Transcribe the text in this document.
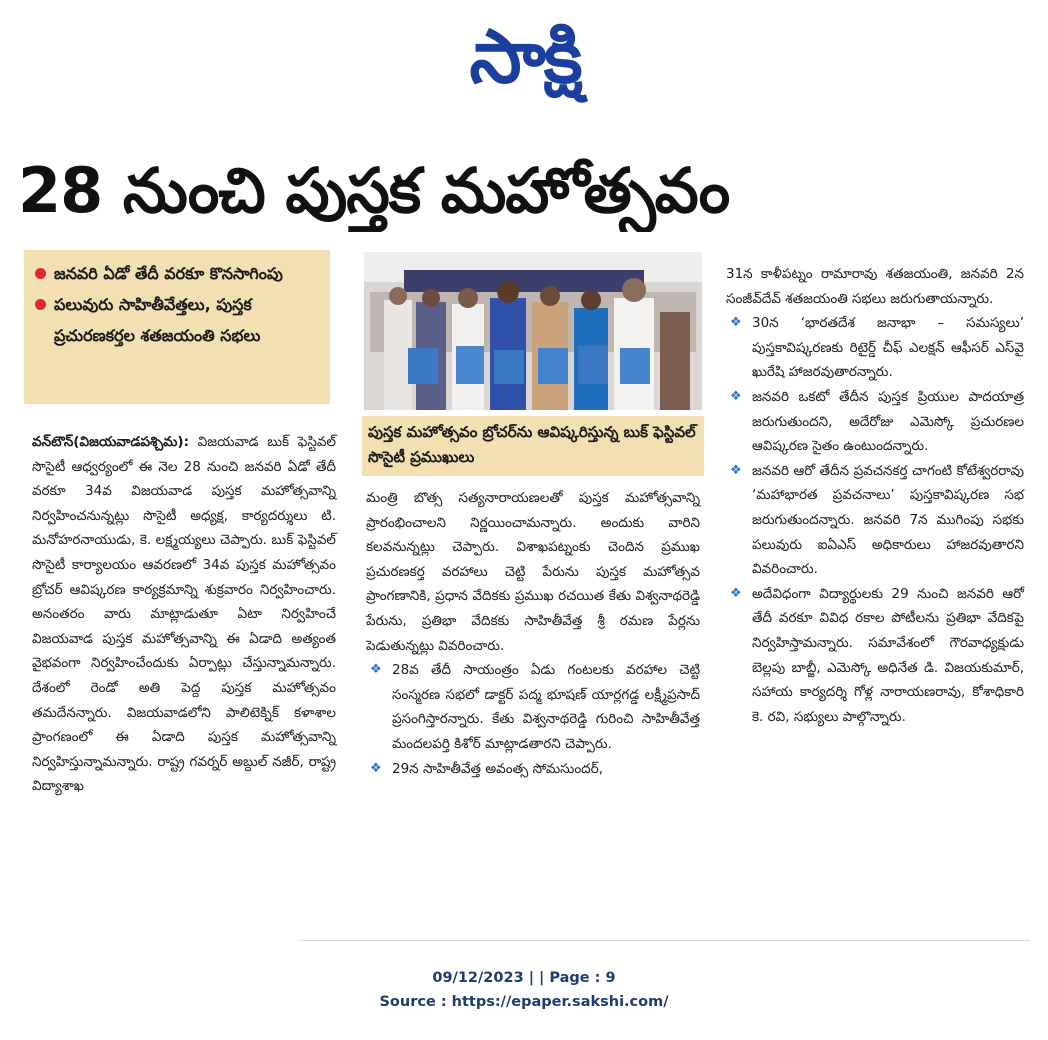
సాక్షి
28 నుంచి పుస్తక మహోత్సవం
జనవరి ఏడో తేదీ వరకూ కొనసాగింపు
పలువురు సాహితీవేత్తలు, పుస్తక ప్రచురణకర్తల శతజయంతి సభలు
పుస్తక మహోత్సవం బ్రోచర్‌ను ఆవిష్కరిస్తున్న బుక్‌ ఫెస్టివల్‌ సొసైటీ ప్రముఖులు

వన్‌టౌన్‌(విజయవాడపశ్చిమ): విజయవాడ బుక్‌ ఫెస్టివల్‌ సొసైటీ ఆధ్వర్యంలో ఈ నెల 28 నుంచి జనవరి ఏడో తేదీ వరకూ 34వ విజయవాడ పుస్తక మహోత్సవాన్ని నిర్వహించనున్నట్లు సొసైటీ అధ్యక్ష, కార్యదర్శులు టి. మనోహరనాయుడు, కె. లక్ష్మయ్యలు చెప్పారు. బుక్‌ ఫెస్టివల్‌ సొసైటీ కార్యాలయం ఆవరణలో 34వ పుస్తక మహోత్సవం బ్రోచర్‌ ఆవిష్కరణ కార్యక్రమాన్ని శుక్రవారం నిర్వహించారు. అనంతరం వారు మాట్లాడుతూ ఏటా నిర్వహించే విజయవాడ పుస్తక మహోత్సవాన్ని ఈ ఏడాది అత్యంత వైభవంగా నిర్వహించేందుకు ఏర్పాట్లు చేస్తున్నామన్నారు. దేశంలో రెండో అతి పెద్ద పుస్తక మహోత్సవం తమదేనన్నారు. విజయవాడలోని పాలిటెక్నిక్‌ కళాశాల ప్రాంగణంలో ఈ ఏడాది పుస్తక మహోత్సవాన్ని నిర్వహిస్తున్నామన్నారు. రాష్ట్ర గవర్నర్‌ అబ్దుల్‌ నజీర్‌, రాష్ట్ర విద్యాశాఖ

మంత్రి బొత్స సత్యనారాయణలతో పుస్తక మహోత్సవాన్ని ప్రారంభించాలని నిర్ణయించామన్నారు. అందుకు వారిని కలవనున్నట్లు చెప్పారు. విశాఖపట్నంకు చెందిన ప్రముఖ ప్రచురణకర్త వరహాలు చెట్టి పేరును పుస్తక మహోత్సవ ప్రాంగణానికి, ప్రధాన వేదికకు ప్రముఖ రచయిత కేతు విశ్వనాథరెడ్డి పేరును, ప్రతిభా వేదికకు సాహితీవేత్త శ్రీ రమణ పేర్లను పెడుతున్నట్లు వివరించారు.

❖ 28వ తేదీ సాయంత్రం ఏడు గంటలకు వరహాల చెట్టి సంస్మరణ సభలో డాక్టర్‌ పద్మ భూషణ్‌ యార్లగడ్డ లక్ష్మీప్రసాద్‌ ప్రసంగిస్తారన్నారు. కేతు విశ్వనాథరెడ్డి గురించి సాహితీవేత్త మందలపర్తి కిశోర్‌ మాట్లాడతారని చెప్పారు.

❖ 29న సాహితీవేత్త అవంత్స సోమసుందర్‌,

31న కాళీపట్నం రామారావు శతజయంతి, జనవరి 2న సంజీవ్‌దేవ్‌ శతజయంతి సభలు జరుగుతాయన్నారు.

❖ 30న ‘భారతదేశ జనాభా – సమస్యలు’ పుస్తకావిష్కరణకు రిటైర్డ్‌ చీఫ్‌ ఎలక్షన్‌ ఆఫీసర్‌ ఎస్‌వై ఖురేషి హాజరవుతారన్నారు.

❖ జనవరి ఒకటో తేదీన పుస్తక ప్రియుల పాదయాత్ర జరుగుతుందని, అదేరోజు ఎమెస్కో ప్రచురణల ఆవిష్కరణ సైతం ఉంటుందన్నారు.

❖ జనవరి ఆరో తేదీన ప్రవచనకర్త చాగంటి కోటేశ్వరరావు ‘మహాభారత ప్రవచనాలు’ పుస్తకావిష్కరణ సభ జరుగుతుందన్నారు. జనవరి 7న ముగింపు సభకు పలువురు ఐఏఎస్‌ అధికారులు హాజరవుతారని వివరించారు.

❖ అదేవిధంగా విద్యార్థులకు 29 నుంచి జనవరి ఆరో తేదీ వరకూ వివిధ రకాల పోటీలను ప్రతిభా వేదికపై నిర్వహిస్తామన్నారు. సమావేశంలో గౌరవాధ్యక్షుడు బెల్లపు బాబ్జీ, ఎమెస్కో అధినేత డి. విజయకుమార్‌, సహాయ కార్యదర్శి గోళ్ల నారాయణరావు, కోశాధికారి కె. రవి, సభ్యులు పాల్గొన్నారు.

09/12/2023 | | Page : 9
Source : https://epaper.sakshi.com/
